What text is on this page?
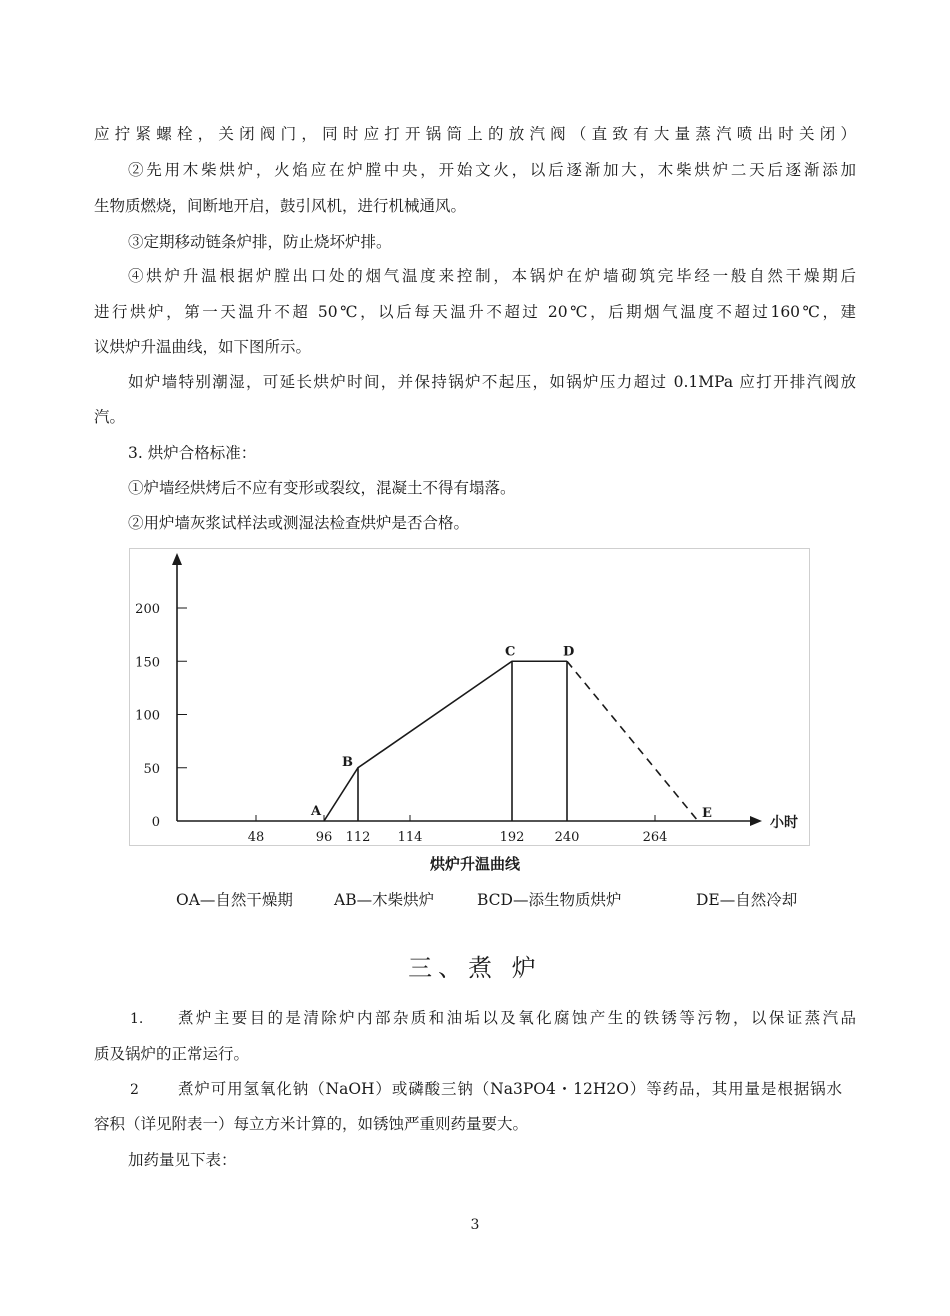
应拧紧螺栓，关闭阀门，同时应打开锅筒上的放汽阀（直致有大量蒸汽喷出时关闭）
②先用木柴烘炉，火焰应在炉膛中央，开始文火，以后逐渐加大，木柴烘炉二天后逐渐添加
生物质燃烧，间断地开启，鼓引风机，进行机械通风。
③定期移动链条炉排，防止烧坏炉排。
④烘炉升温根据炉膛出口处的烟气温度来控制，本锅炉在炉墙砌筑完毕经一般自然干燥期后
进行烘炉，第一天温升不超 50℃，以后每天温升不超过 20℃，后期烟气温度不超过160℃，建
议烘炉升温曲线，如下图所示。
如炉墙特别潮湿，可延长烘炉时间，并保持锅炉不起压，如锅炉压力超过 0.1MPa 应打开排汽阀放
汽。
3. 烘炉合格标准：
①炉墙经烘烤后不应有变形或裂纹，混凝土不得有塌落。
②用炉墙灰浆试样法或测湿法检查烘炉是否合格。
0
50
100
150
200
48	96 112 114	192 240	264
小时
A
B
C	D
E
烘炉升温曲线
OA—自然干燥期	AB—木柴烘炉	BCD—添生物质烘炉	DE—自然冷却
三、煮 炉
1. 煮炉主要目的是清除炉内部杂质和油垢以及氧化腐蚀产生的铁锈等污物，以保证蒸汽品
质及锅炉的正常运行。
2	煮炉可用氢氧化钠（NaOH）或磷酸三钠（Na3PO4・12H2O）等药品，其用量是根据锅水
容积（详见附表一）每立方米计算的，如锈蚀严重则药量要大。
加药量见下表：
3
